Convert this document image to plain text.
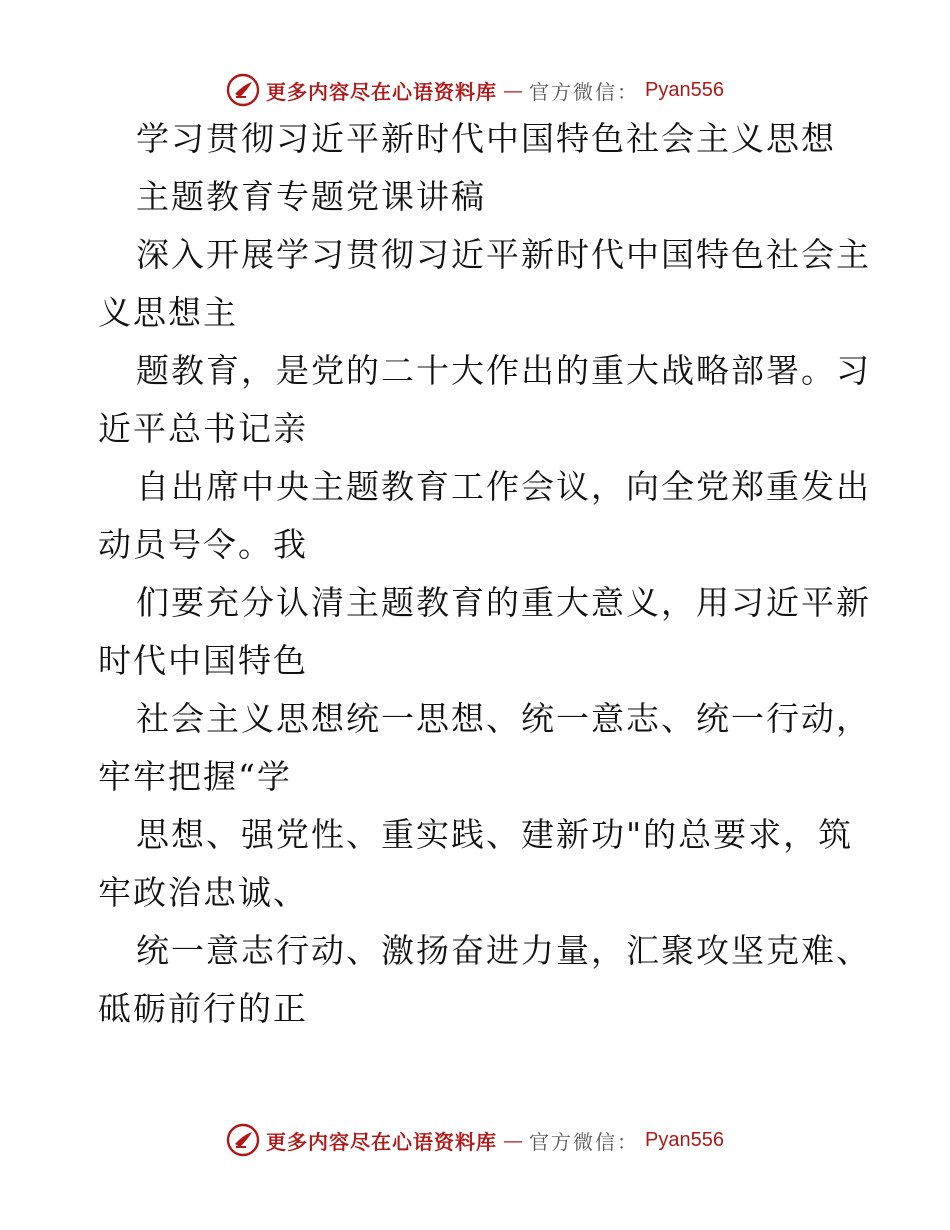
更多内容尽在心语资料库 — 官方微信： Pyan556
学习贯彻习近平新时代中国特色社会主义思想
主题教育专题党课讲稿
深入开展学习贯彻习近平新时代中国特色社会主
义思想主
题教育，是党的二十大作出的重大战略部署。习
近平总书记亲
自出席中央主题教育工作会议，向全党郑重发出
动员号令。我
们要充分认清主题教育的重大意义，用习近平新
时代中国特色
社会主义思想统一思想、统一意志、统一行动，
牢牢把握“学
思想、强党性、重实践、建新功"的总要求，筑
牢政治忠诚、
统一意志行动、激扬奋进力量，汇聚攻坚克难、
砥砺前行的正
更多内容尽在心语资料库 — 官方微信： Pyan556
